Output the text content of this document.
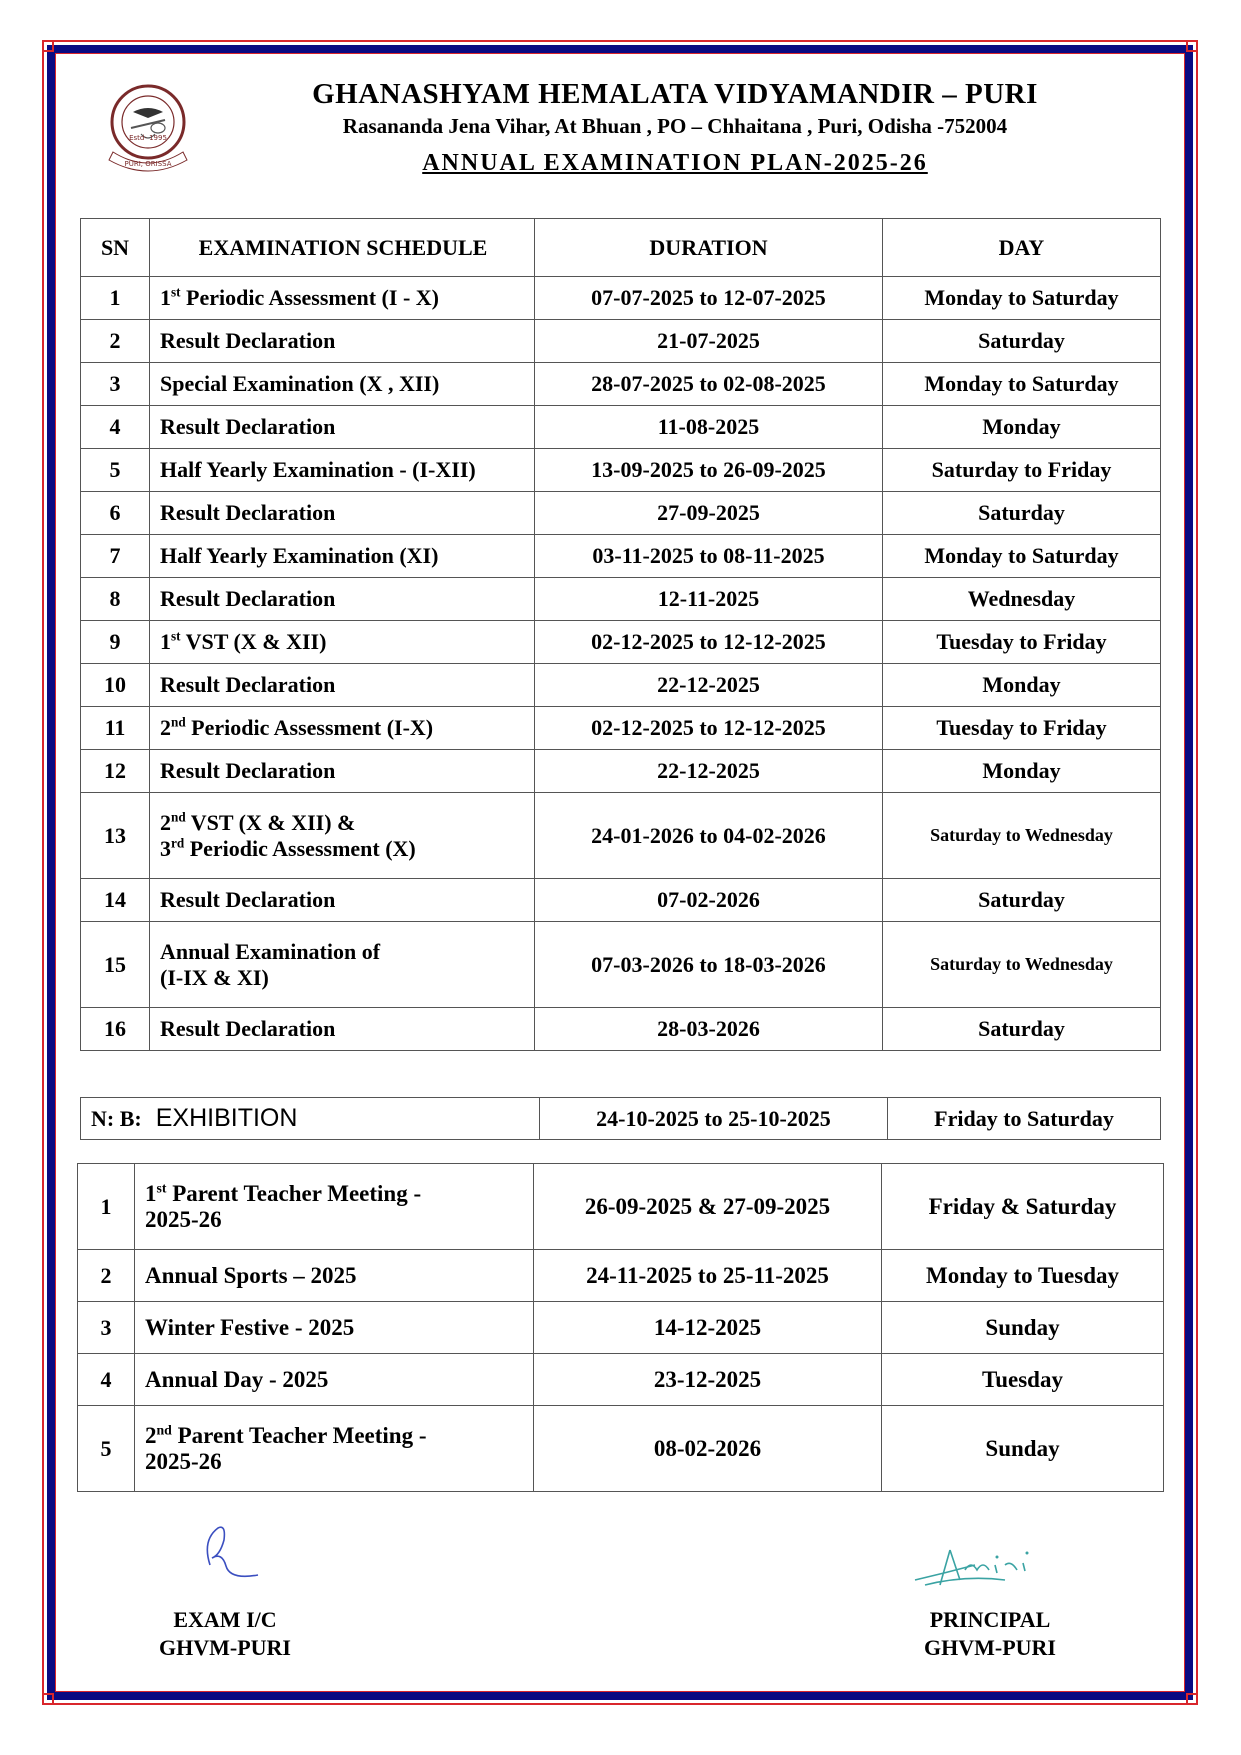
Estd- 1995
PURI, ORISSA
GHANASHYAM HEMALATA VIDYAMANDIR – PURI
Rasananda Jena Vihar, At Bhuan , PO – Chhaitana , Puri, Odisha -752004
ANNUAL EXAMINATION PLAN-2025-26
SN	EXAMINATION SCHEDULE	DURATION	DAY
1	1st Periodic Assessment (I - X)	07-07-2025 to 12-07-2025	Monday to Saturday
2	Result Declaration	21-07-2025	Saturday
3	Special Examination (X , XII)	28-07-2025 to 02-08-2025	Monday to Saturday
4	Result Declaration	11-08-2025	Monday
5	Half Yearly Examination - (I-XII)	13-09-2025 to 26-09-2025	Saturday to Friday
6	Result Declaration	27-09-2025	Saturday
7	Half Yearly Examination (XI)	03-11-2025 to 08-11-2025	Monday to Saturday
8	Result Declaration	12-11-2025	Wednesday
9	1st VST (X & XII)	02-12-2025 to 12-12-2025	Tuesday to Friday
10	Result Declaration	22-12-2025	Monday
11	2nd Periodic Assessment (I-X)	02-12-2025 to 12-12-2025	Tuesday to Friday
12	Result Declaration	22-12-2025	Monday
13	2nd VST (X & XII) &
3rd Periodic Assessment (X)	24-01-2026 to 04-02-2026	Saturday to Wednesday
14	Result Declaration	07-02-2026	Saturday
15	Annual Examination of
(I-IX & XI)	07-03-2026 to 18-03-2026	Saturday to Wednesday
16	Result Declaration	28-03-2026	Saturday
N: B: EXHIBITION	24-10-2025 to 25-10-2025	Friday to Saturday
1	1st Parent Teacher Meeting -
2025-26	26-09-2025 & 27-09-2025	Friday & Saturday
2	Annual Sports – 2025	24-11-2025 to 25-11-2025	Monday to Tuesday
3	Winter Festive - 2025	14-12-2025	Sunday
4	Annual Day - 2025	23-12-2025	Tuesday
5	2nd Parent Teacher Meeting -
2025-26	08-02-2026	Sunday
EXAM I/C
GHVM-PURI
PRINCIPAL
GHVM-PURI
